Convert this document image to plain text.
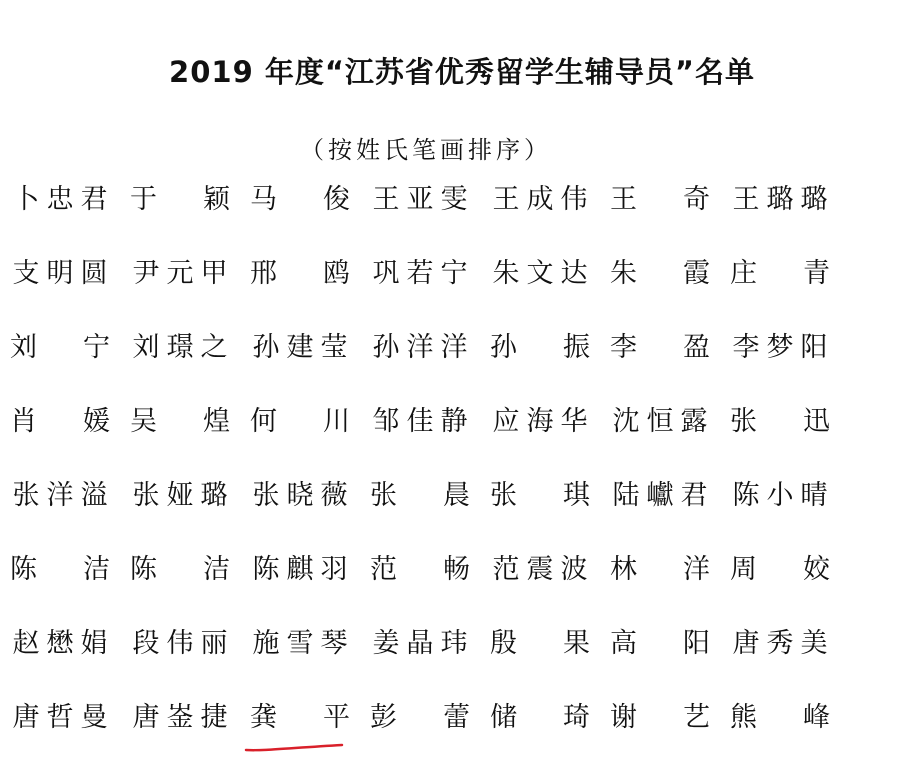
2019 年度“江苏省优秀留学生辅导员”名单
（按姓氏笔画排序）
卜 忠 君 于 颖 马 俊 王 亚 雯 王 成 伟 王 奇 王 璐 璐
支 明 圆 尹 元 甲 邢 鸥 巩 若 宁 朱 文 达 朱 霞 庄 青
刘 宁 刘 璟 之 孙 建 莹 孙 洋 洋 孙 振 李 盈 李 梦 阳
肖 媛 吴 煌 何 川 邹 佳 静 应 海 华 沈 恒 露 张 迅
张 洋 溢 张 娅 璐 张 晓 薇 张 晨 张 琪 陆 巘 君 陈 小 晴
陈 洁 陈 洁 陈 麒 羽 范 畅 范 震 波 林 洋 周 姣
赵 懋 娟 段 伟 丽 施 雪 琴 姜 晶 玮 殷 果 高 阳 唐 秀 美
唐 哲 曼 唐 崟 捷 龚 平 彭 蕾 储 琦 谢 艺 熊 峰
